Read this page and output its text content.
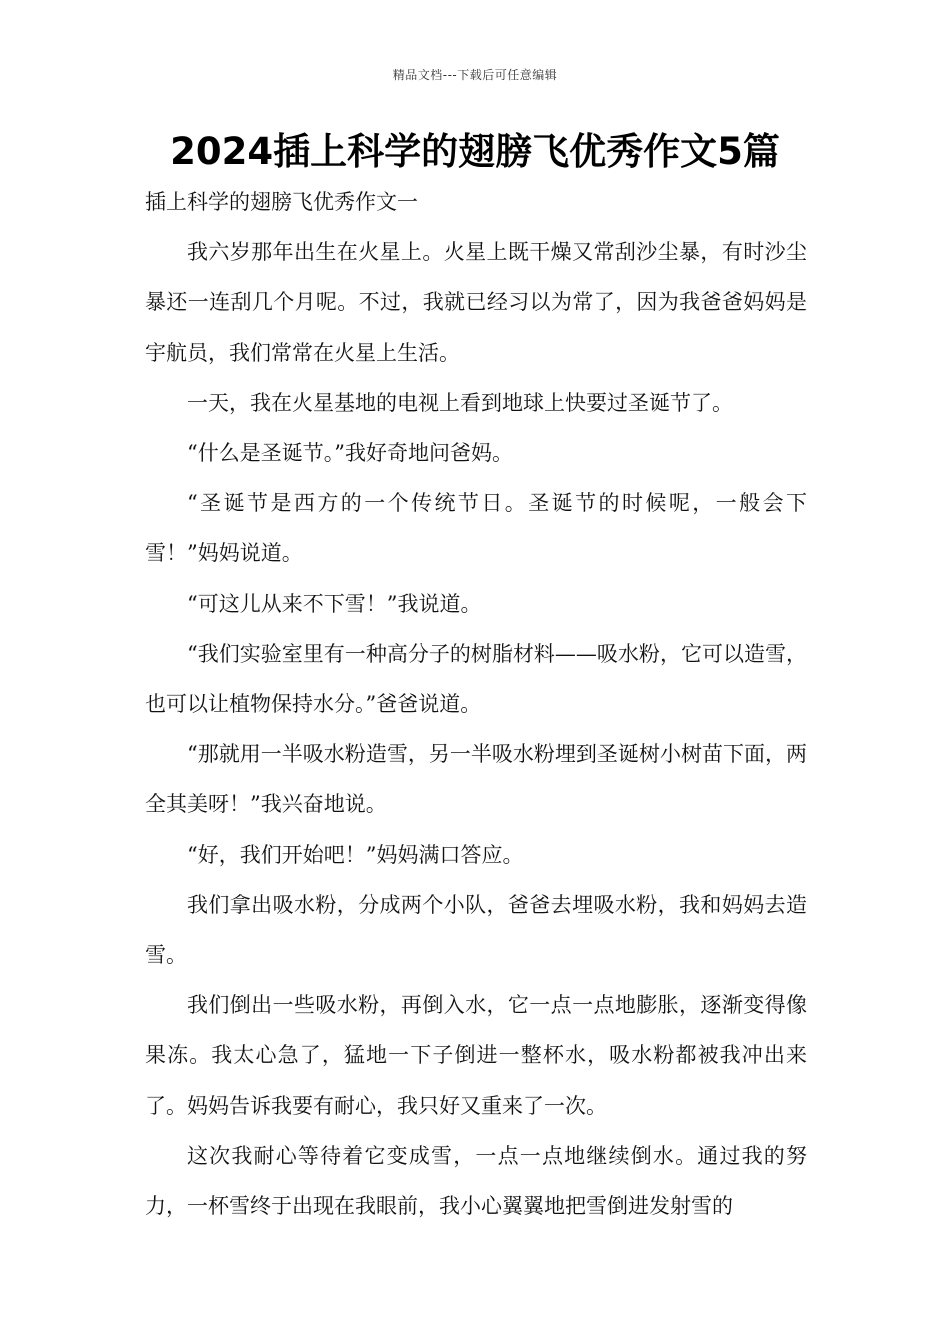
精品文档---下载后可任意编辑
2024插上科学的翅膀飞优秀作文5篇

插上科学的翅膀飞优秀作文一

我六岁那年出生在火星上。火星上既干燥又常刮沙尘暴，有时沙尘暴还一连刮几个月呢。不过，我就已经习以为常了，因为我爸爸妈妈是宇航员，我们常常在火星上生活。

一天，我在火星基地的电视上看到地球上快要过圣诞节了。

“什么是圣诞节。”我好奇地问爸妈。

“圣诞节是西方的一个传统节日。圣诞节的时候呢，一般会下雪！”妈妈说道。

“可这儿从来不下雪！”我说道。

“我们实验室里有一种高分子的树脂材料——吸水粉，它可以造雪，也可以让植物保持水分。”爸爸说道。

“那就用一半吸水粉造雪，另一半吸水粉埋到圣诞树小树苗下面，两全其美呀！”我兴奋地说。

“好，我们开始吧！”妈妈满口答应。

我们拿出吸水粉，分成两个小队，爸爸去埋吸水粉，我和妈妈去造雪。

我们倒出一些吸水粉，再倒入水，它一点一点地膨胀，逐渐变得像果冻。我太心急了，猛地一下子倒进一整杯水，吸水粉都被我冲出来了。妈妈告诉我要有耐心，我只好又重来了一次。

这次我耐心等待着它变成雪，一点一点地继续倒水。通过我的努力，一杯雪终于出现在我眼前，我小心翼翼地把雪倒进发射雪的
